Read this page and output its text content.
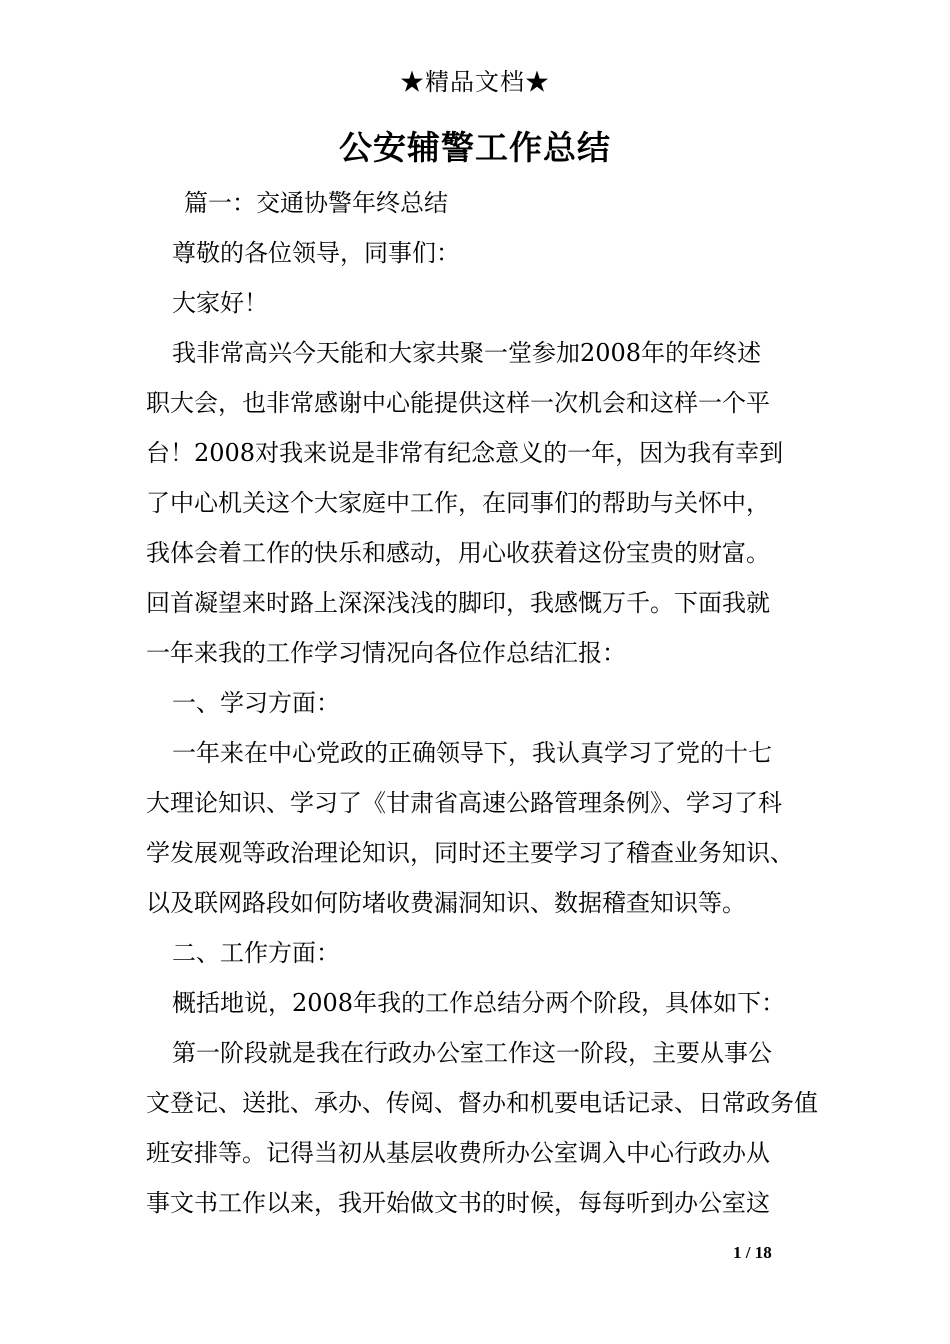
★精品文档★
公安辅警工作总结
篇一：交通协警年终总结
尊敬的各位领导，同事们：
大家好！
我非常高兴今天能和大家共聚一堂参加2008年的年终述
职大会，也非常感谢中心能提供这样一次机会和这样一个平
台！2008对我来说是非常有纪念意义的一年，因为我有幸到
了中心机关这个大家庭中工作，在同事们的帮助与关怀中，
我体会着工作的快乐和感动，用心收获着这份宝贵的财富。
回首凝望来时路上深深浅浅的脚印，我感慨万千。下面我就
一年来我的工作学习情况向各位作总结汇报：
一、学习方面：
一年来在中心党政的正确领导下，我认真学习了党的十七
大理论知识、学习了《甘肃省高速公路管理条例》、学习了科
学发展观等政治理论知识，同时还主要学习了稽查业务知识、
以及联网路段如何防堵收费漏洞知识、数据稽查知识等。
二、工作方面：
概括地说，2008年我的工作总结分两个阶段，具体如下：
第一阶段就是我在行政办公室工作这一阶段，主要从事公
文登记、送批、承办、传阅、督办和机要电话记录、日常政务值
班安排等。记得当初从基层收费所办公室调入中心行政办从
事文书工作以来，我开始做文书的时候，每每听到办公室这
1 / 18
